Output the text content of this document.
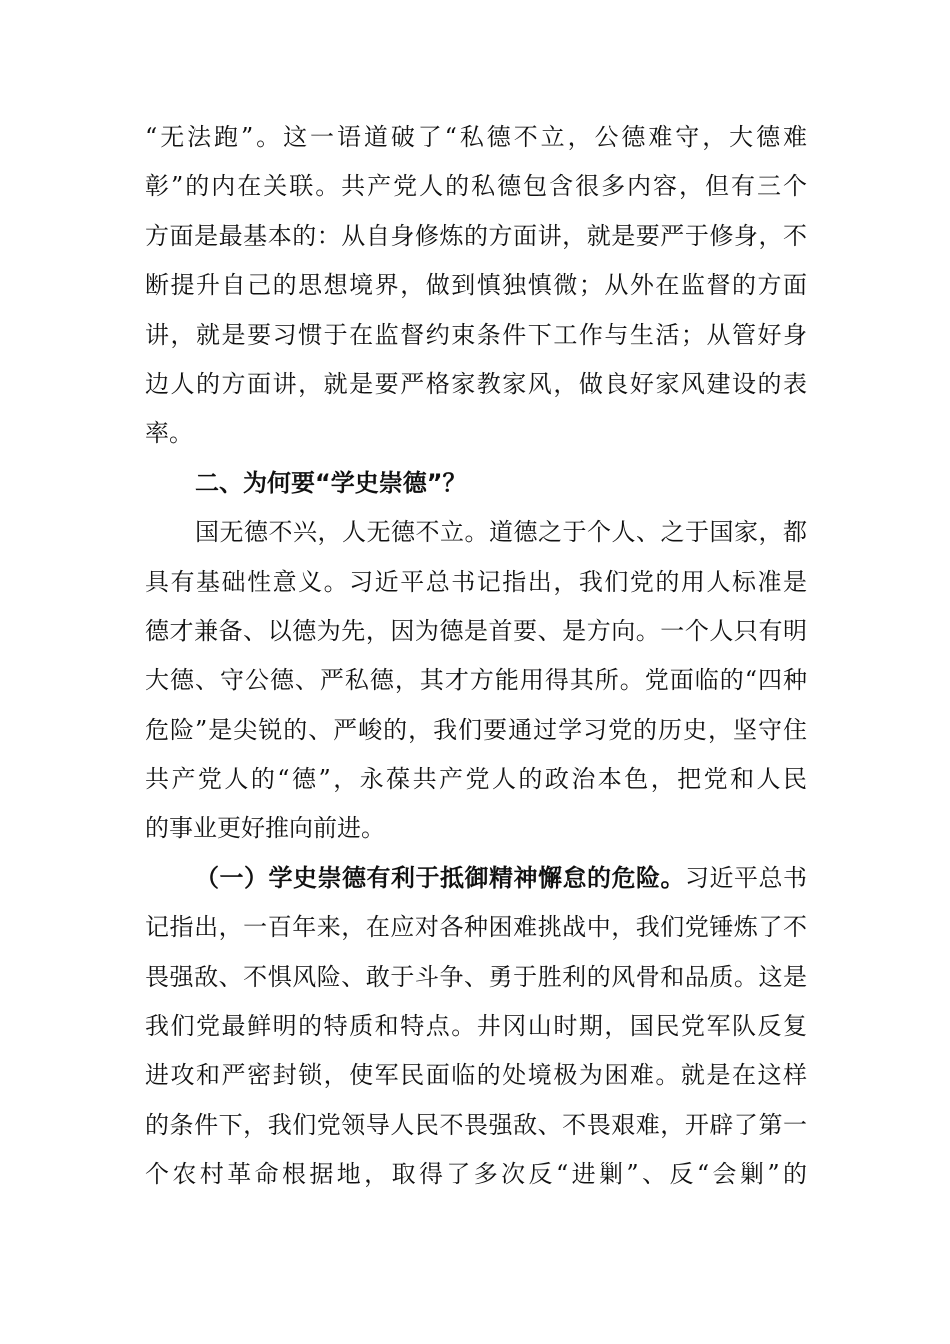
“无法跑”。这一语道破了“私德不立，公德难守，大德难
彰”的内在关联。共产党人的私德包含很多内容，但有三个
方面是最基本的：从自身修炼的方面讲，就是要严于修身，不
断提升自己的思想境界，做到慎独慎微；从外在监督的方面
讲，就是要习惯于在监督约束条件下工作与生活；从管好身
边人的方面讲，就是要严格家教家风，做良好家风建设的表
率。
二、为何要“学史崇德”？
国无德不兴，人无德不立。道德之于个人、之于国家，都
具有基础性意义。习近平总书记指出，我们党的用人标准是
德才兼备、以德为先，因为德是首要、是方向。一个人只有明
大德、守公德、严私德，其才方能用得其所。党面临的“四种
危险”是尖锐的、严峻的，我们要通过学习党的历史，坚守住
共产党人的“德”，永葆共产党人的政治本色，把党和人民
的事业更好推向前进。
（一）学史崇德有利于抵御精神懈怠的危险。习近平总书
记指出，一百年来，在应对各种困难挑战中，我们党锤炼了不
畏强敌、不惧风险、敢于斗争、勇于胜利的风骨和品质。这是
我们党最鲜明的特质和特点。井冈山时期，国民党军队反复
进攻和严密封锁，使军民面临的处境极为困难。就是在这样
的条件下，我们党领导人民不畏强敌、不畏艰难，开辟了第一
个农村革命根据地，取得了多次反“进剿”、反“会剿”的
